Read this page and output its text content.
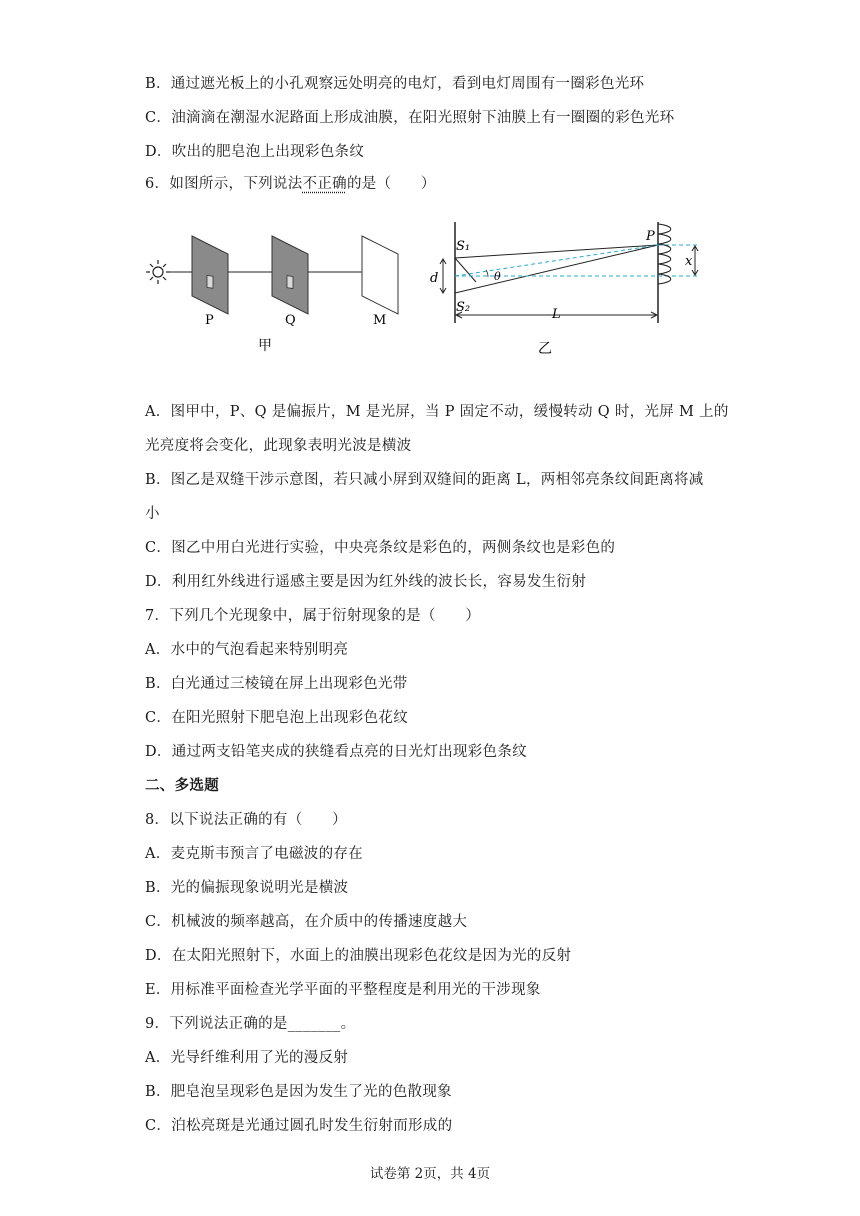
B．通过遮光板上的小孔观察远处明亮的电灯，看到电灯周围有一圈彩色光环
C．油滴滴在潮湿水泥路面上形成油膜，在阳光照射下油膜上有一圈圈的彩色光环
D．吹出的肥皂泡上出现彩色条纹
6．如图所示，下列说法不正确的是（　　）
P	Q	M
甲
S₁
S₂
d	θ
P
x
L
乙
A．图甲中，P、Q 是偏振片，M 是光屏，当 P 固定不动，缓慢转动 Q 时，光屏 M 上的
光亮度将会变化，此现象表明光波是横波
B．图乙是双缝干涉示意图，若只减小屏到双缝间的距离 L，两相邻亮条纹间距离将减
小
C．图乙中用白光进行实验，中央亮条纹是彩色的，两侧条纹也是彩色的
D．利用红外线进行遥感主要是因为红外线的波长长，容易发生衍射
7．下列几个光现象中，属于衍射现象的是（　　）
A．水中的气泡看起来特别明亮
B．白光通过三棱镜在屏上出现彩色光带
C．在阳光照射下肥皂泡上出现彩色花纹
D．通过两支铅笔夹成的狭缝看点亮的日光灯出现彩色条纹
二、多选题
8．以下说法正确的有（　　）
A．麦克斯韦预言了电磁波的存在
B．光的偏振现象说明光是横波
C．机械波的频率越高，在介质中的传播速度越大
D．在太阳光照射下，水面上的油膜出现彩色花纹是因为光的反射
E．用标准平面检查光学平面的平整程度是利用光的干涉现象
9．下列说法正确的是_______。
A．光导纤维利用了光的漫反射
B．肥皂泡呈现彩色是因为发生了光的色散现象
C．泊松亮斑是光通过圆孔时发生衍射而形成的
试卷第 2页，共 4页
